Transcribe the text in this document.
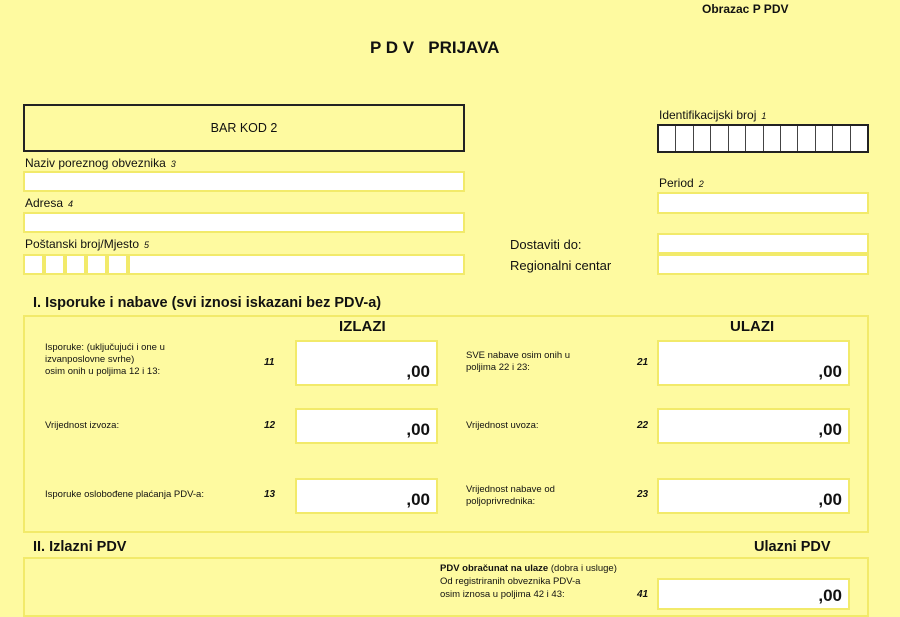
Obrazac P PDV
P D V   PRIJAVA
BAR KOD 2
Identifikacijski broj 1
Naziv poreznog obveznika 3
Adresa 4
Poštanski broj/Mjesto 5
Period 2
Dostaviti do:
Regionalni centar
I. Isporuke i nabave (svi iznosi iskazani bez PDV-a)
IZLAZI	ULAZI
Isporuke: (uključujući i one u
izvanposlovne svrhe)
osim onih u poljima 12 i 13:
11	,00
Vrijednost izvoza:	12	,00
Isporuke oslobođene plaćanja PDV-a:	13	,00
SVE nabave osim onih u
poljima 22 i 23:	21	,00
Vrijednost uvoza:	22	,00
Vrijednost nabave od
poljoprivrednika:
23	,00
II. Izlazni PDV	Ulazni PDV
PDV obračunat na ulaze (dobra i usluge)
Od registriranih obveznika PDV-a
osim iznosa u poljima 42 i 43:	41	,00
